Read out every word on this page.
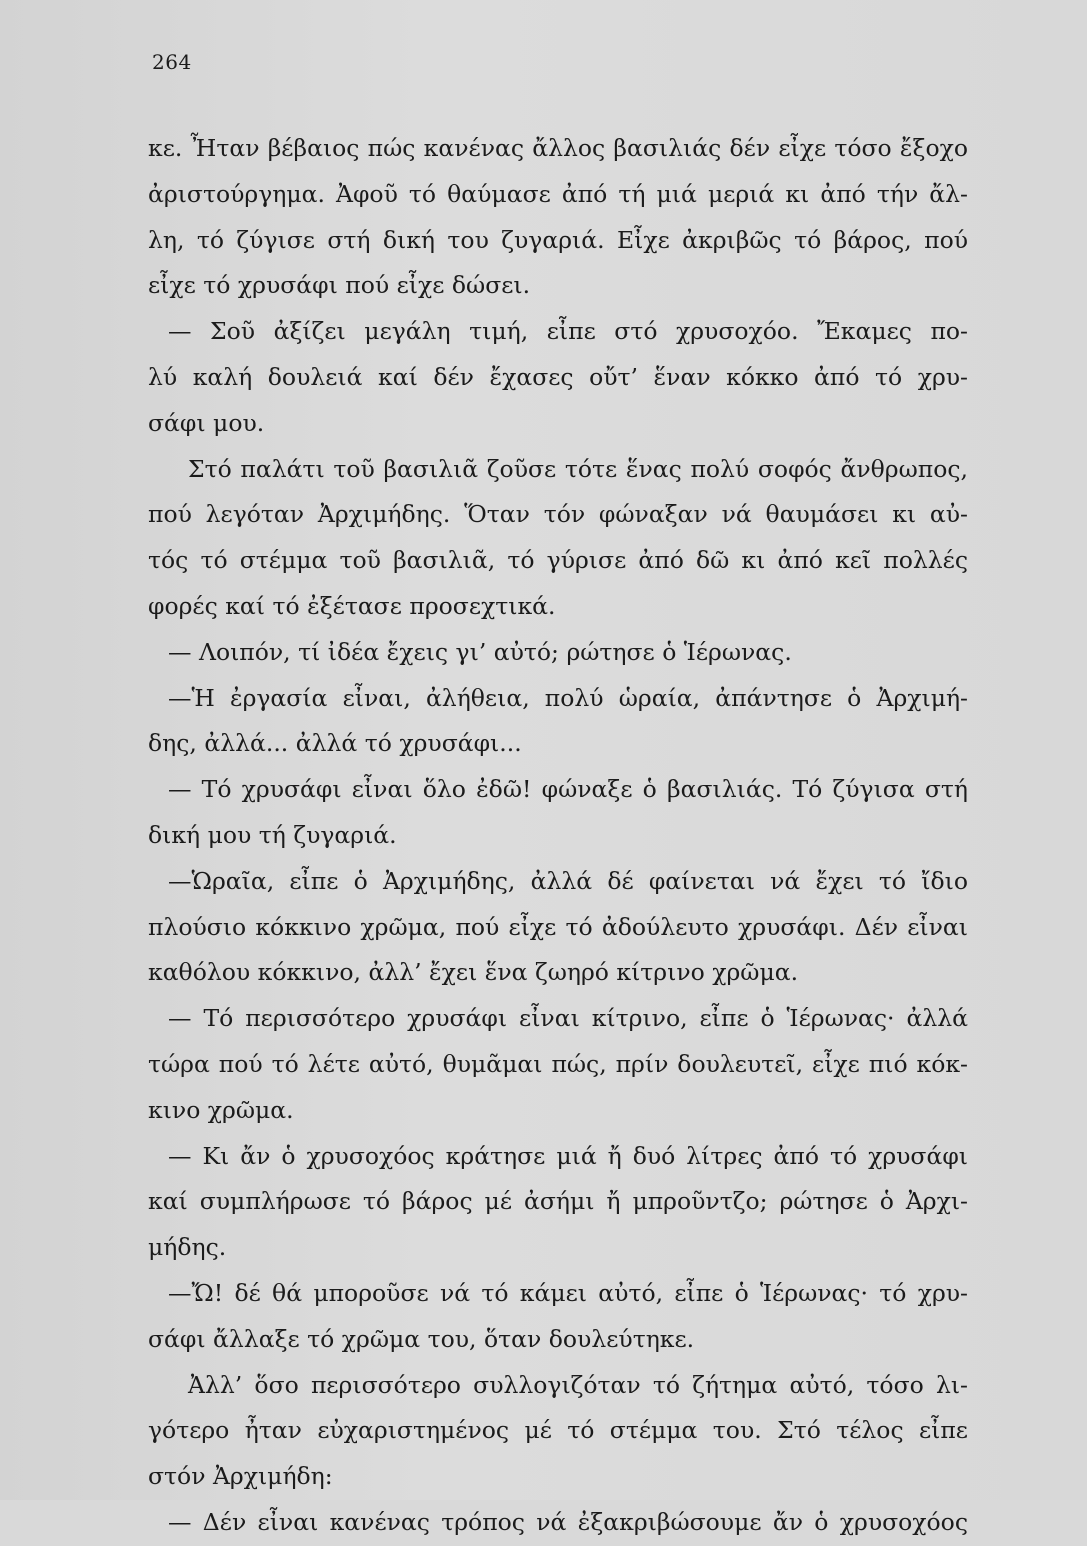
264
κε. Ἦταν βέβαιος πώς κανένας ἄλλος βασιλιάς δέν εἶχε τόσο ἔξοχο
ἀριστούργημα. Ἀφοῦ τό θαύμασε ἀπό τή μιά μεριά κι ἀπό τήν ἄλ-
λη, τό ζύγισε στή δική του ζυγαριά. Εἶχε ἀκριβῶς τό βάρος, πού
εἶχε τό χρυσάφι πού εἶχε δώσει.
— Σοῦ ἀξίζει μεγάλη τιμή, εἶπε στό χρυσοχόο. Ἔκαμες πο-
λύ καλή δουλειά καί δέν ἔχασες οὔτ’ ἕναν κόκκο ἀπό τό χρυ-
σάφι μου.
Στό παλάτι τοῦ βασιλιᾶ ζοῦσε τότε ἕνας πολύ σοφός ἄνθρωπος,
πού λεγόταν Ἀρχιμήδης. Ὅταν τόν φώναξαν νά θαυμάσει κι αὐ-
τός τό στέμμα τοῦ βασιλιᾶ, τό γύρισε ἀπό δῶ κι ἀπό κεῖ πολλές
φορές καί τό ἐξέτασε προσεχτικά.
— Λοιπόν, τί ἰδέα ἔχεις γι’ αὐτό; ρώτησε ὁ Ἱέρωνας.
—Ἡ ἐργασία εἶναι, ἀλήθεια, πολύ ὡραία, ἀπάντησε ὁ Ἀρχιμή-
δης, ἀλλά... ἀλλά τό χρυσάφι...
— Τό χρυσάφι εἶναι ὅλο ἐδῶ! φώναξε ὁ βασιλιάς. Τό ζύγισα στή
δική μου τή ζυγαριά.
—Ὡραῖα, εἶπε ὁ Ἀρχιμήδης, ἀλλά δέ φαίνεται νά ἔχει τό ἴδιο
πλούσιο κόκκινο χρῶμα, πού εἶχε τό ἀδούλευτο χρυσάφι. Δέν εἶναι
καθόλου κόκκινο, ἀλλ’ ἔχει ἕνα ζωηρό κίτρινο χρῶμα.
— Τό περισσότερο χρυσάφι εἶναι κίτρινο, εἶπε ὁ Ἱέρωνας· ἀλλά
τώρα πού τό λέτε αὐτό, θυμᾶμαι πώς, πρίν δουλευτεῖ, εἶχε πιό κόκ-
κινο χρῶμα.
— Κι ἄν ὁ χρυσοχόος κράτησε μιά ἤ δυό λίτρες ἀπό τό χρυσάφι
καί συμπλήρωσε τό βάρος μέ ἀσήμι ἤ μπροῦντζο; ρώτησε ὁ Ἀρχι-
μήδης.
—Ὤ! δέ θά μποροῦσε νά τό κάμει αὐτό, εἶπε ὁ Ἱέρωνας· τό χρυ-
σάφι ἄλλαξε τό χρῶμα του, ὅταν δουλεύτηκε.
Ἀλλ’ ὅσο περισσότερο συλλογιζόταν τό ζήτημα αὐτό, τόσο λι-
γότερο ἦταν εὐχαριστημένος μέ τό στέμμα του. Στό τέλος εἶπε
στόν Ἀρχιμήδη:
— Δέν εἶναι κανένας τρόπος νά ἐξακριβώσουμε ἄν ὁ χρυσοχόος
